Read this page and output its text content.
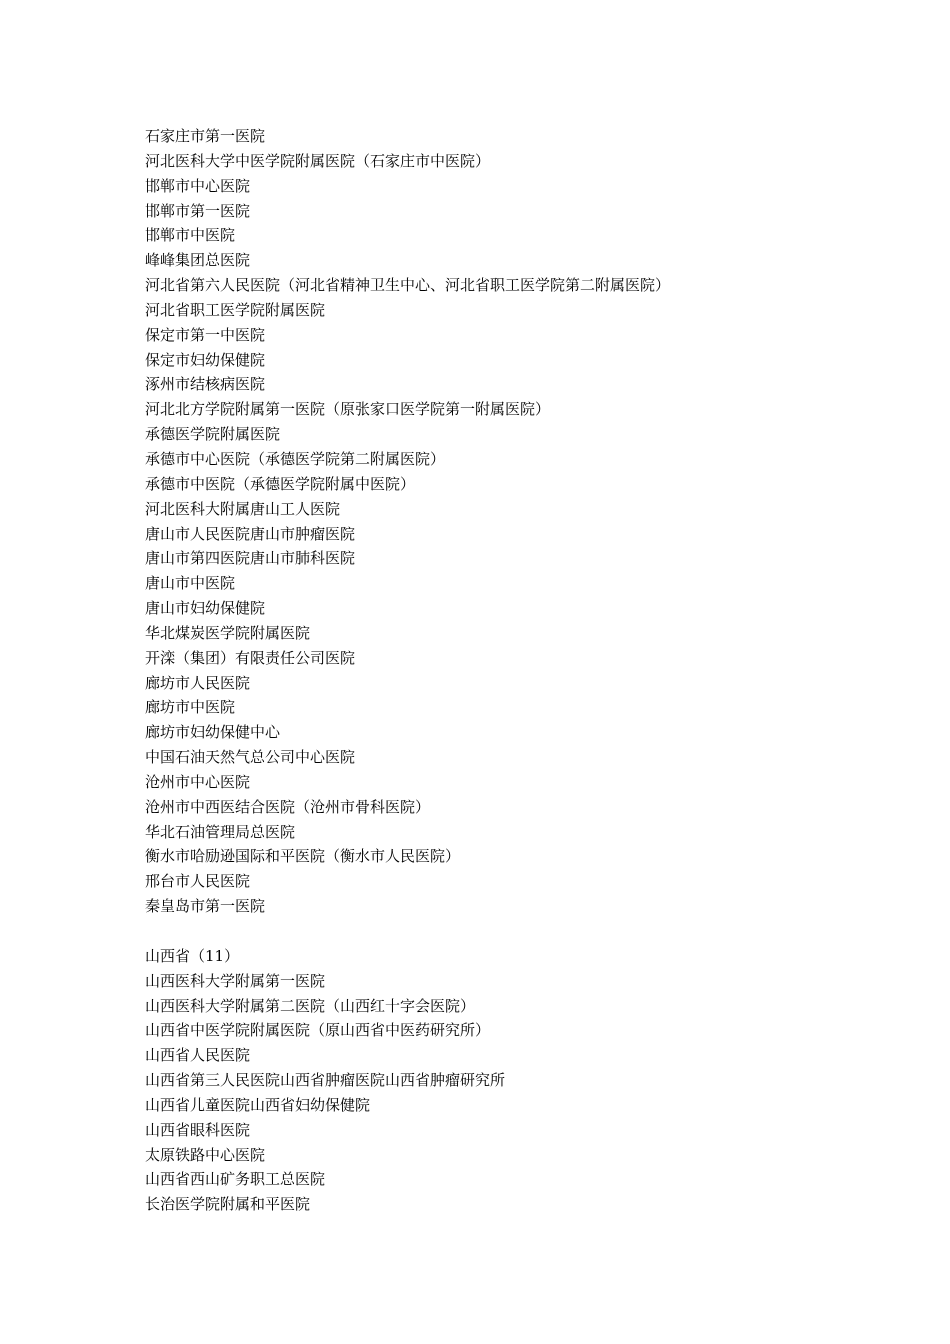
石家庄市第一医院
河北医科大学中医学院附属医院（石家庄市中医院）
邯郸市中心医院
邯郸市第一医院
邯郸市中医院
峰峰集团总医院
河北省第六人民医院（河北省精神卫生中心、河北省职工医学院第二附属医院）
河北省职工医学院附属医院
保定市第一中医院
保定市妇幼保健院
涿州市结核病医院
河北北方学院附属第一医院（原张家口医学院第一附属医院）
承德医学院附属医院
承德市中心医院（承德医学院第二附属医院）
承德市中医院（承德医学院附属中医院）
河北医科大附属唐山工人医院
唐山市人民医院唐山市肿瘤医院
唐山市第四医院唐山市肺科医院
唐山市中医院
唐山市妇幼保健院
华北煤炭医学院附属医院
开滦（集团）有限责任公司医院
廊坊市人民医院
廊坊市中医院
廊坊市妇幼保健中心
中国石油天然气总公司中心医院
沧州市中心医院
沧州市中西医结合医院（沧州市骨科医院）
华北石油管理局总医院
衡水市哈励逊国际和平医院（衡水市人民医院）
邢台市人民医院
秦皇岛市第一医院
山西省（11）
山西医科大学附属第一医院
山西医科大学附属第二医院（山西红十字会医院）
山西省中医学院附属医院（原山西省中医药研究所）
山西省人民医院
山西省第三人民医院山西省肿瘤医院山西省肿瘤研究所
山西省儿童医院山西省妇幼保健院
山西省眼科医院
太原铁路中心医院
山西省西山矿务职工总医院
长治医学院附属和平医院
